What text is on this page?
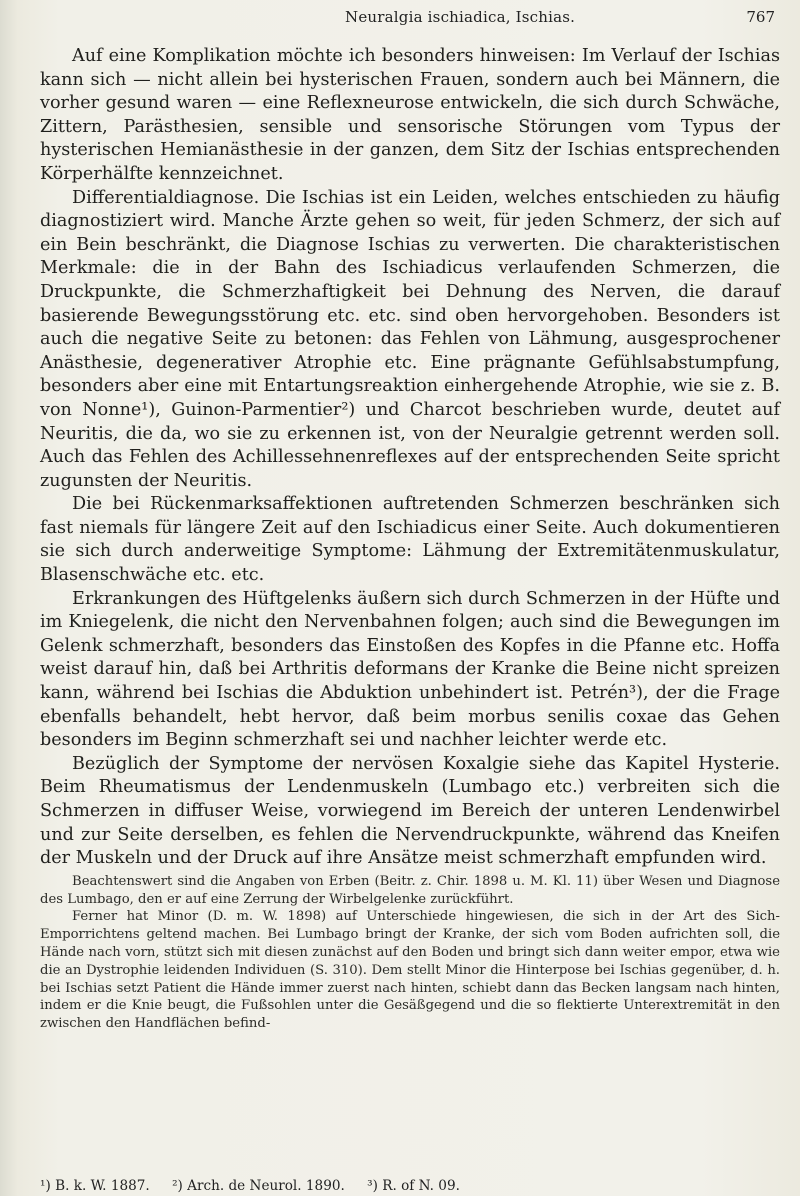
Neuralgia ischiadica, Ischias.	767

Auf eine Komplikation möchte ich besonders hinweisen: Im Verlauf der Ischias kann sich — nicht allein bei hysterischen Frauen, sondern auch bei Männern, die vorher gesund waren — eine Reflexneurose entwickeln, die sich durch Schwäche, Zittern, Parästhesien, sensible und sensorische Störungen vom Typus der hysterischen Hemianästhesie in der ganzen, dem Sitz der Ischias entsprechenden Körperhälfte kennzeichnet.

Differentialdiagnose. Die Ischias ist ein Leiden, welches entschieden zu häufig diagnostiziert wird. Manche Ärzte gehen so weit, für jeden Schmerz, der sich auf ein Bein beschränkt, die Diagnose Ischias zu verwerten. Die charakteristischen Merkmale: die in der Bahn des Ischiadicus verlaufenden Schmerzen, die Druckpunkte, die Schmerzhaftigkeit bei Dehnung des Nerven, die darauf basierende Bewegungsstörung etc. etc. sind oben hervorgehoben. Besonders ist auch die negative Seite zu betonen: das Fehlen von Lähmung, ausgesprochener Anästhesie, degenerativer Atrophie etc. Eine prägnante Gefühlsabstumpfung, besonders aber eine mit Entartungsreaktion einhergehende Atrophie, wie sie z. B. von Nonne¹), Guinon-Parmentier²) und Charcot beschrieben wurde, deutet auf Neuritis, die da, wo sie zu erkennen ist, von der Neuralgie getrennt werden soll. Auch das Fehlen des Achillessehnenreflexes auf der entsprechenden Seite spricht zugunsten der Neuritis.

Die bei Rückenmarksaffektionen auftretenden Schmerzen beschränken sich fast niemals für längere Zeit auf den Ischiadicus einer Seite. Auch dokumentieren sie sich durch anderweitige Symptome: Lähmung der Extremitätenmuskulatur, Blasenschwäche etc. etc.

Erkrankungen des Hüftgelenks äußern sich durch Schmerzen in der Hüfte und im Kniegelenk, die nicht den Nervenbahnen folgen; auch sind die Bewegungen im Gelenk schmerzhaft, besonders das Einstoßen des Kopfes in die Pfanne etc. Hoffa weist darauf hin, daß bei Arthritis deformans der Kranke die Beine nicht spreizen kann, während bei Ischias die Abduktion unbehindert ist. Petrén³), der die Frage ebenfalls behandelt, hebt hervor, daß beim morbus senilis coxae das Gehen besonders im Beginn schmerzhaft sei und nachher leichter werde etc.

Bezüglich der Symptome der nervösen Koxalgie siehe das Kapitel Hysterie. Beim Rheumatismus der Lendenmuskeln (Lumbago etc.) verbreiten sich die Schmerzen in diffuser Weise, vorwiegend im Bereich der unteren Lendenwirbel und zur Seite derselben, es fehlen die Nervendruckpunkte, während das Kneifen der Muskeln und der Druck auf ihre Ansätze meist schmerzhaft empfunden wird.

Beachtenswert sind die Angaben von Erben (Beitr. z. Chir. 1898 u. M. Kl. 11) über Wesen und Diagnose des Lumbago, den er auf eine Zerrung der Wirbelgelenke zurückführt.

Ferner hat Minor (D. m. W. 1898) auf Unterschiede hingewiesen, die sich in der Art des Sich-Emporrichtens geltend machen. Bei Lumbago bringt der Kranke, der sich vom Boden aufrichten soll, die Hände nach vorn, stützt sich mit diesen zunächst auf den Boden und bringt sich dann weiter empor, etwa wie die an Dystrophie leidenden Individuen (S. 310). Dem stellt Minor die Hinterpose bei Ischias gegenüber, d. h. bei Ischias setzt Patient die Hände immer zuerst nach hinten, schiebt dann das Becken langsam nach hinten, indem er die Knie beugt, die Fußsohlen unter die Gesäßgegend und die so flektierte Unterextremität in den zwischen den Handflächen befind-

¹) B. k. W. 1887. ²) Arch. de Neurol. 1890. ³) R. of N. 09.
